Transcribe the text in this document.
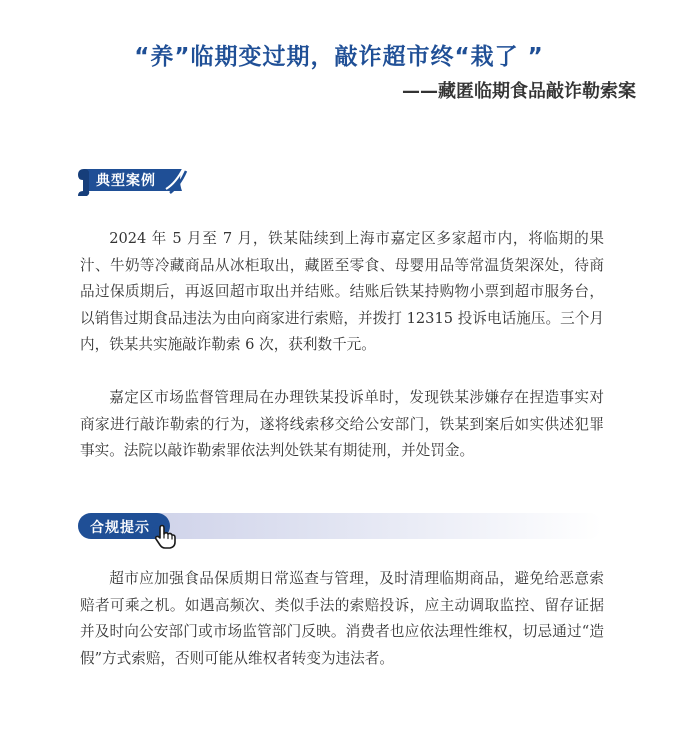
“养”临期变过期，敲诈超市终“栽了 ”
——藏匿临期食品敲诈勒索案
典型案例

2024 年 5 月至 7 月，铁某陆续到上海市嘉定区多家超市内，将临期的果汁、牛奶等冷藏商品从冰柜取出，藏匿至零食、母婴用品等常温货架深处，待商品过保质期后，再返回超市取出并结账。结账后铁某持购物小票到超市服务台，以销售过期食品违法为由向商家进行索赔，并拨打 12315 投诉电话施压。三个月内，铁某共实施敲诈勒索 6 次，获利数千元。

嘉定区市场监督管理局在办理铁某投诉单时，发现铁某涉嫌存在捏造事实对商家进行敲诈勒索的行为，遂将线索移交给公安部门，铁某到案后如实供述犯罪事实。法院以敲诈勒索罪依法判处铁某有期徒刑，并处罚金。

合规提示

超市应加强食品保质期日常巡查与管理，及时清理临期商品，避免给恶意索赔者可乘之机。如遇高频次、类似手法的索赔投诉，应主动调取监控、留存证据并及时向公安部门或市场监管部门反映。消费者也应依法理性维权，切忌通过“造假”方式索赔，否则可能从维权者转变为违法者。
